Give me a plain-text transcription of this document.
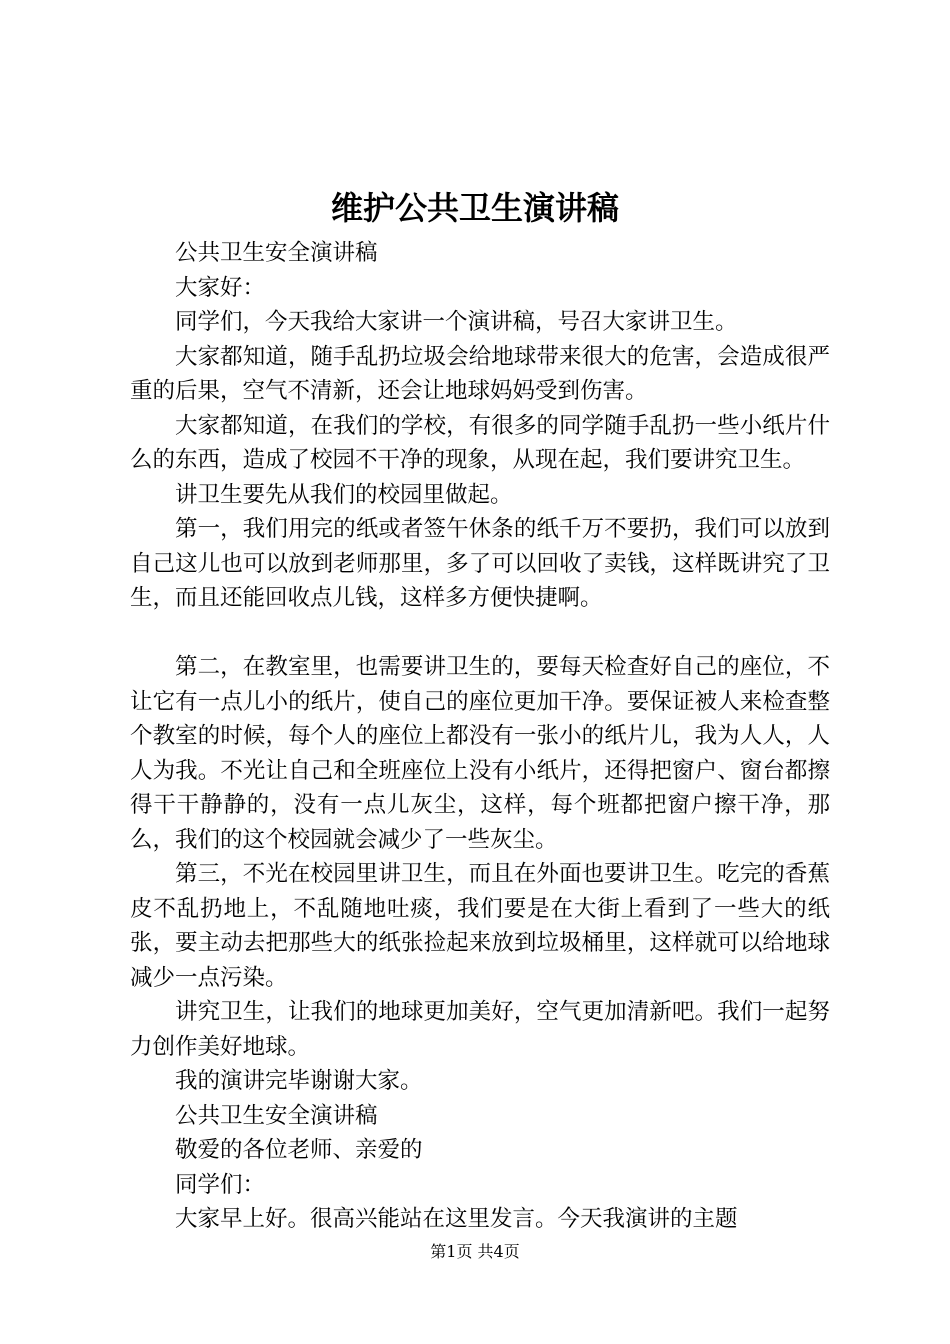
维护公共卫生演讲稿

公共卫生安全演讲稿

大家好：

同学们，今天我给大家讲一个演讲稿，号召大家讲卫生。

大家都知道，随手乱扔垃圾会给地球带来很大的危害，会造成很严重的后果，空气不清新，还会让地球妈妈受到伤害。

大家都知道，在我们的学校，有很多的同学随手乱扔一些小纸片什么的东西，造成了校园不干净的现象，从现在起，我们要讲究卫生。

讲卫生要先从我们的校园里做起。

第一，我们用完的纸或者签午休条的纸千万不要扔，我们可以放到自己这儿也可以放到老师那里，多了可以回收了卖钱，这样既讲究了卫生，而且还能回收点儿钱，这样多方便快捷啊。

第二，在教室里，也需要讲卫生的，要每天检查好自己的座位，不让它有一点儿小的纸片，使自己的座位更加干净。要保证被人来检查整个教室的时候，每个人的座位上都没有一张小的纸片儿，我为人人，人人为我。不光让自己和全班座位上没有小纸片，还得把窗户、窗台都擦得干干静静的，没有一点儿灰尘，这样，每个班都把窗户擦干净，那么，我们的这个校园就会减少了一些灰尘。

第三，不光在校园里讲卫生，而且在外面也要讲卫生。吃完的香蕉皮不乱扔地上，不乱随地吐痰，我们要是在大街上看到了一些大的纸张，要主动去把那些大的纸张捡起来放到垃圾桶里，这样就可以给地球减少一点污染。

讲究卫生，让我们的地球更加美好，空气更加清新吧。我们一起努力创作美好地球。

我的演讲完毕谢谢大家。

公共卫生安全演讲稿

敬爱的各位老师、亲爱的

同学们：

大家早上好。很高兴能站在这里发言。今天我演讲的主题

第1页 共4页
